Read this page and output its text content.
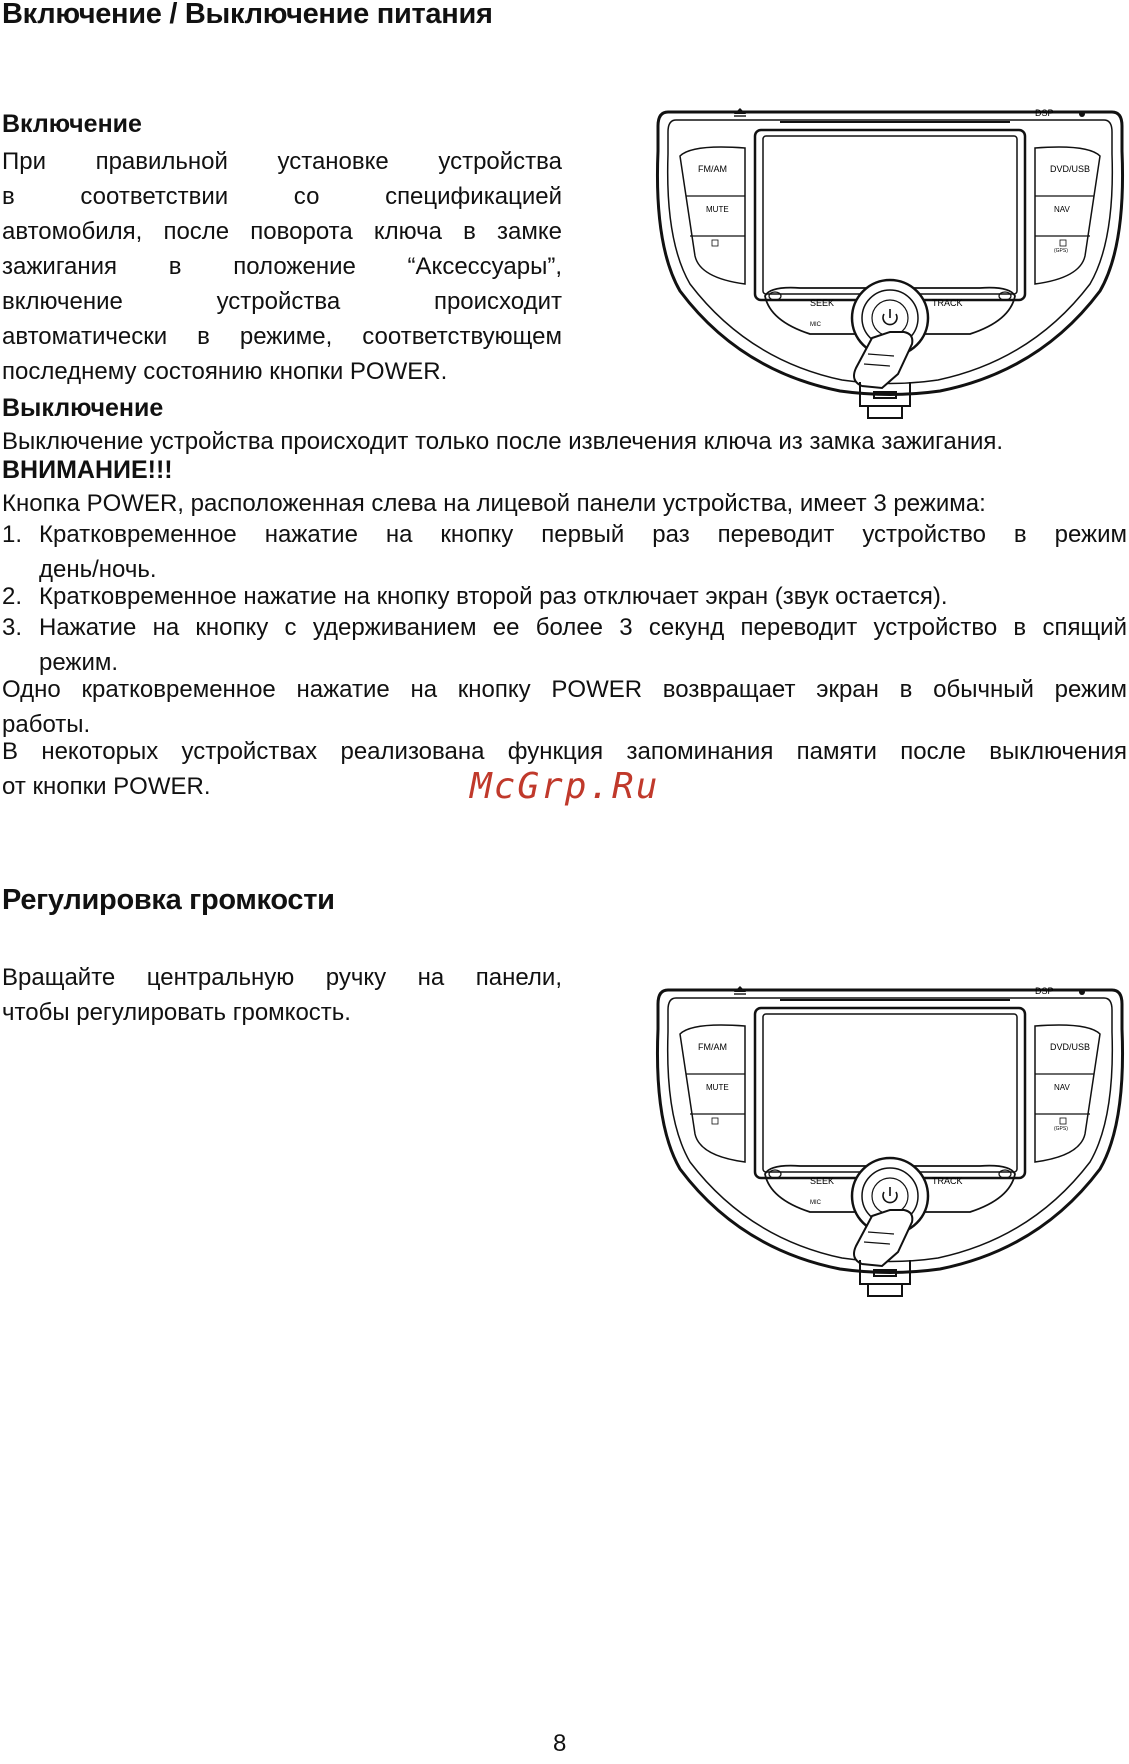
Включение / Выключение питания
Включение
При правильной установке устройства
в соответствии со спецификацией
автомобиля, после поворота ключа в замке
зажигания в положение “Аксессуары”,
включение устройства происходит
автоматически в режиме, соответствующем
последнему состоянию кнопки POWER.
DSP
FM/AM
MUTE
DVD/USB
NAV
(GPS)
SEEK	TRACK
MIC
Выключение
Выключение устройства происходит только после извлечения ключа из замка зажигания.
ВНИМАНИЕ!!!
Кнопка POWER, расположенная слева на лицевой панели устройства, имеет 3 режима:
1. Кратковременное нажатие на кнопку первый раз переводит устройство в режим
день/ночь.
2. Кратковременное нажатие на кнопку второй раз отключает экран (звук остается).
3. Нажатие на кнопку с удерживанием ее более 3 секунд переводит устройство в спящий
режим.
Одно кратковременное нажатие на кнопку POWER возвращает экран в обычный режим
работы.
В некоторых устройствах реализована функция запоминания памяти после выключения
от кнопки POWER.	McGrp.Ru
Регулировка громкости
Вращайте центральную ручку на панели,
чтобы регулировать громкость.
DSP
FM/AM
MUTE
DVD/USB
NAV
(GPS)
SEEK	TRACK
MIC
8
